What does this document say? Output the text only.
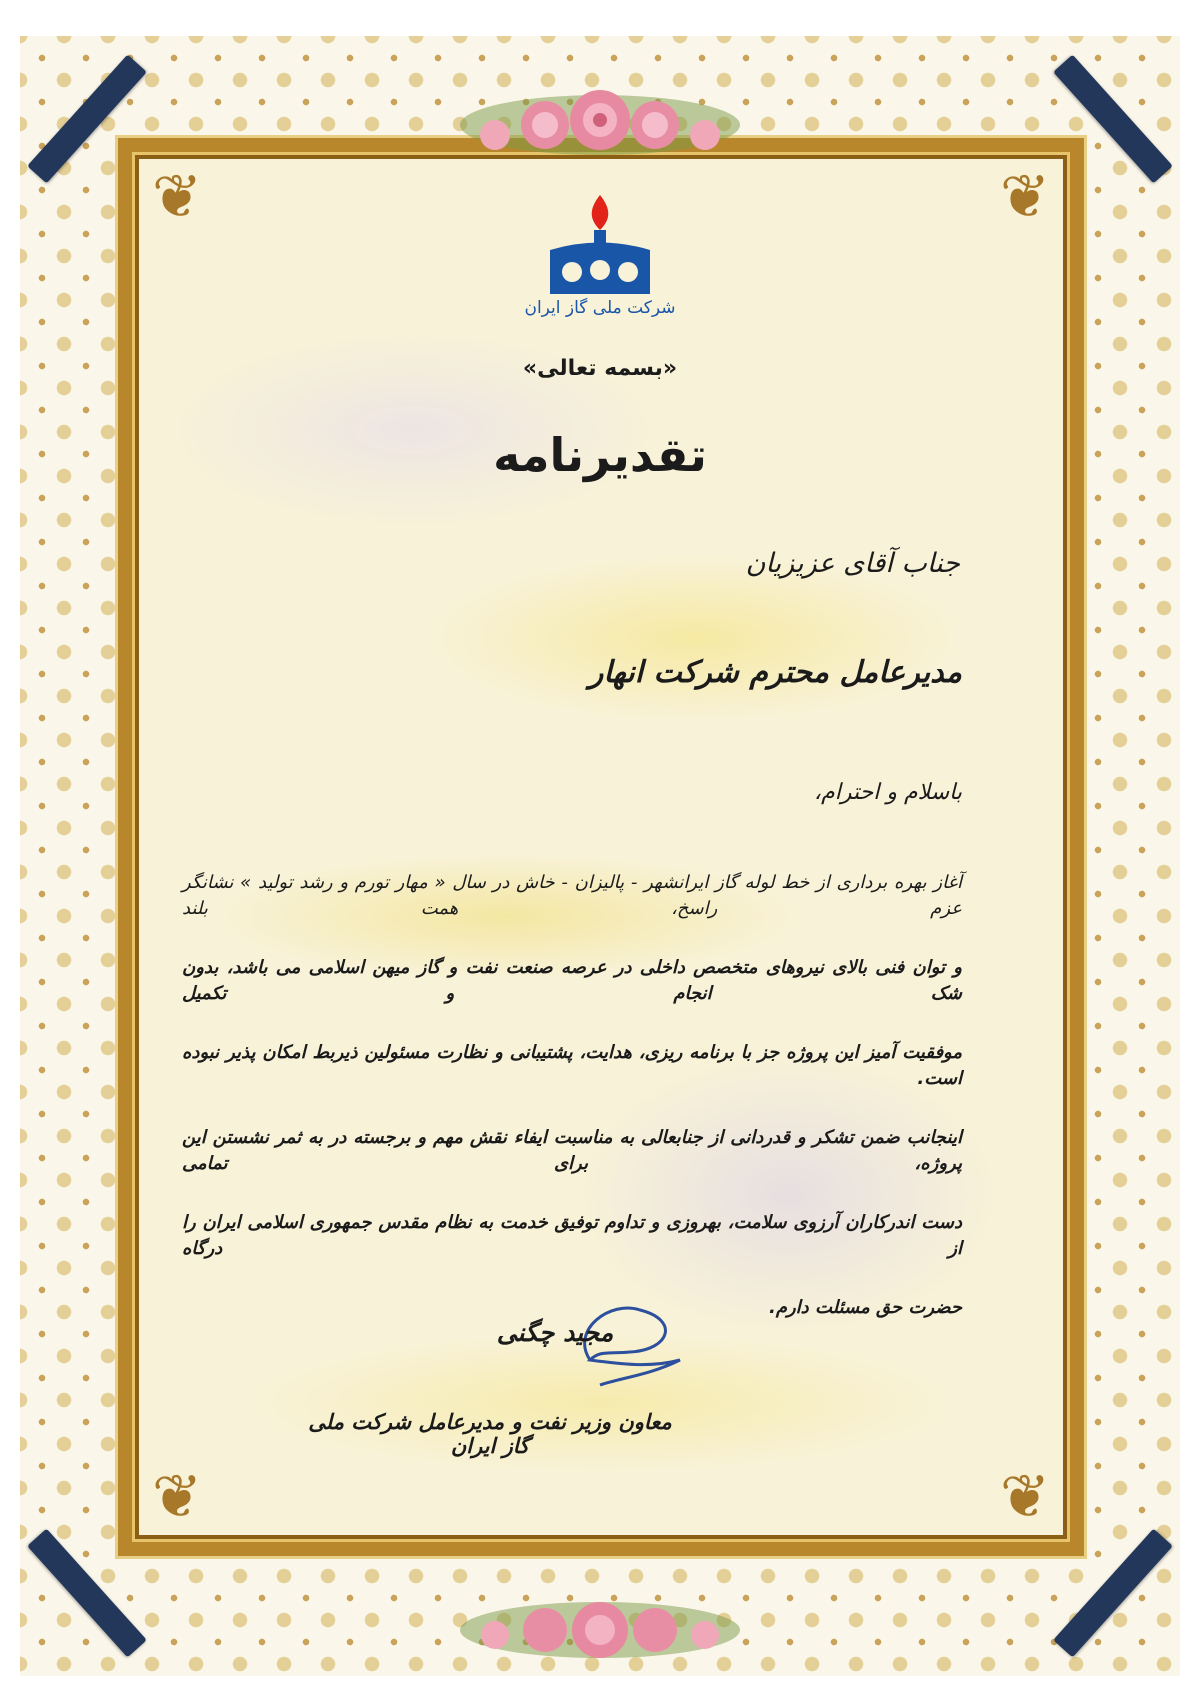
❦	❦
❦	❦
شرکت ملی گاز ایران
«بسمه تعالی»
تقدیرنامه
جناب آقای عزیزیان
مدیرعامل محترم شرکت انهار
باسلام و احترام،
آغاز بهره برداری از خط لوله گاز ایرانشهر - پالیزان - خاش در سال « مهار تورم و رشد تولید » نشانگر عزم راسخ، همت بلند
و توان فنی بالای نیروهای متخصص داخلی در عرصه صنعت نفت و گاز میهن اسلامی می باشد، بدون شک انجام و تکمیل
موفقیت آمیز این پروژه جز با برنامه ریزی، هدایت، پشتیبانی و نظارت مسئولین ذیربط امکان پذیر نبوده است.
اینجانب ضمن تشکر و قدردانی از جنابعالی به مناسبت ایفاء نقش مهم و برجسته در به ثمر نشستن این پروژه، برای تمامی
دست اندرکاران آرزوی سلامت، بهروزی و تداوم توفیق خدمت به نظام مقدس جمهوری اسلامی ایران را از درگاه
حضرت حق مسئلت دارم.
مجید چگنی
معاون وزیر نفت و مدیرعامل شرکت ملی گاز ایران
